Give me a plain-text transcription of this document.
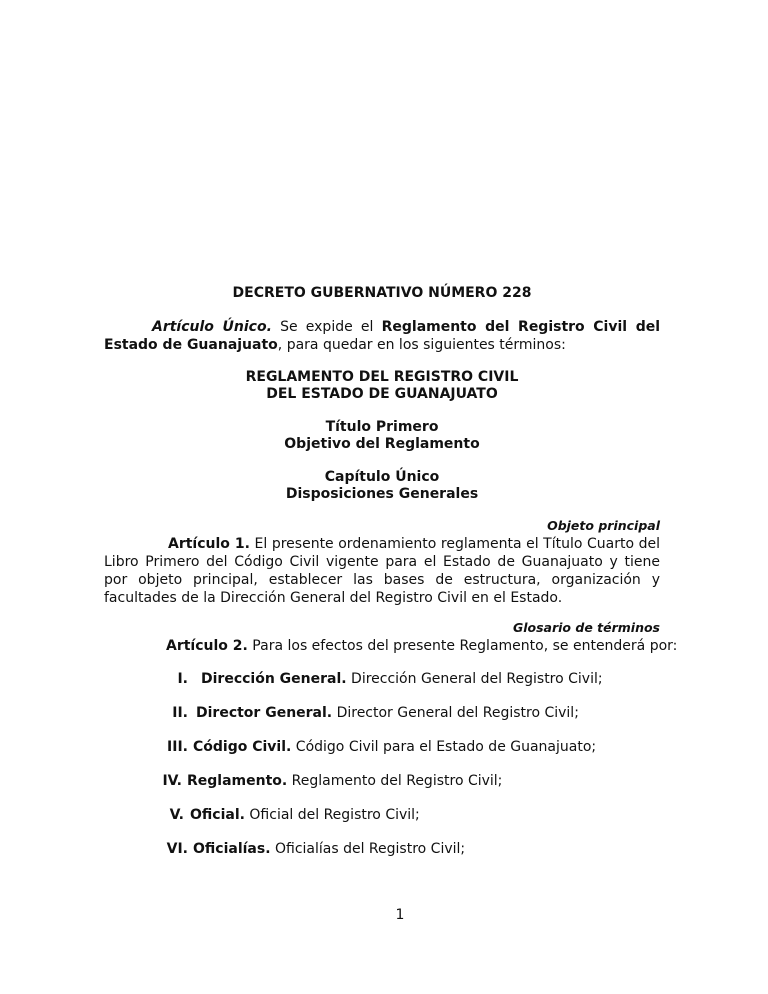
DECRETO GUBERNATIVO NÚMERO 228

Artículo Único. Se expide el Reglamento del Registro Civil del Estado de Guanajuato, para quedar en los siguientes términos:

REGLAMENTO DEL REGISTRO CIVIL

DEL ESTADO DE GUANAJUATO

Título Primero

Objetivo del Reglamento

Capítulo Único

Disposiciones Generales

Objeto principal

Artículo 1. El presente ordenamiento reglamenta el Título Cuarto del Libro Primero del Código Civil vigente para el Estado de Guanajuato y tiene por objeto principal, establecer las bases de estructura, organización y facultades de la Dirección General del Registro Civil en el Estado.

Glosario de términos

Artículo 2. Para los efectos del presente Reglamento, se entenderá por:

I. Dirección General. Dirección General del Registro Civil;
II. Director General. Director General del Registro Civil;
III. Código Civil. Código Civil para el Estado de Guanajuato;
IV. Reglamento. Reglamento del Registro Civil;
V. Oficial. Oficial del Registro Civil;
VI. Oficialías. Oficialías del Registro Civil;

1
